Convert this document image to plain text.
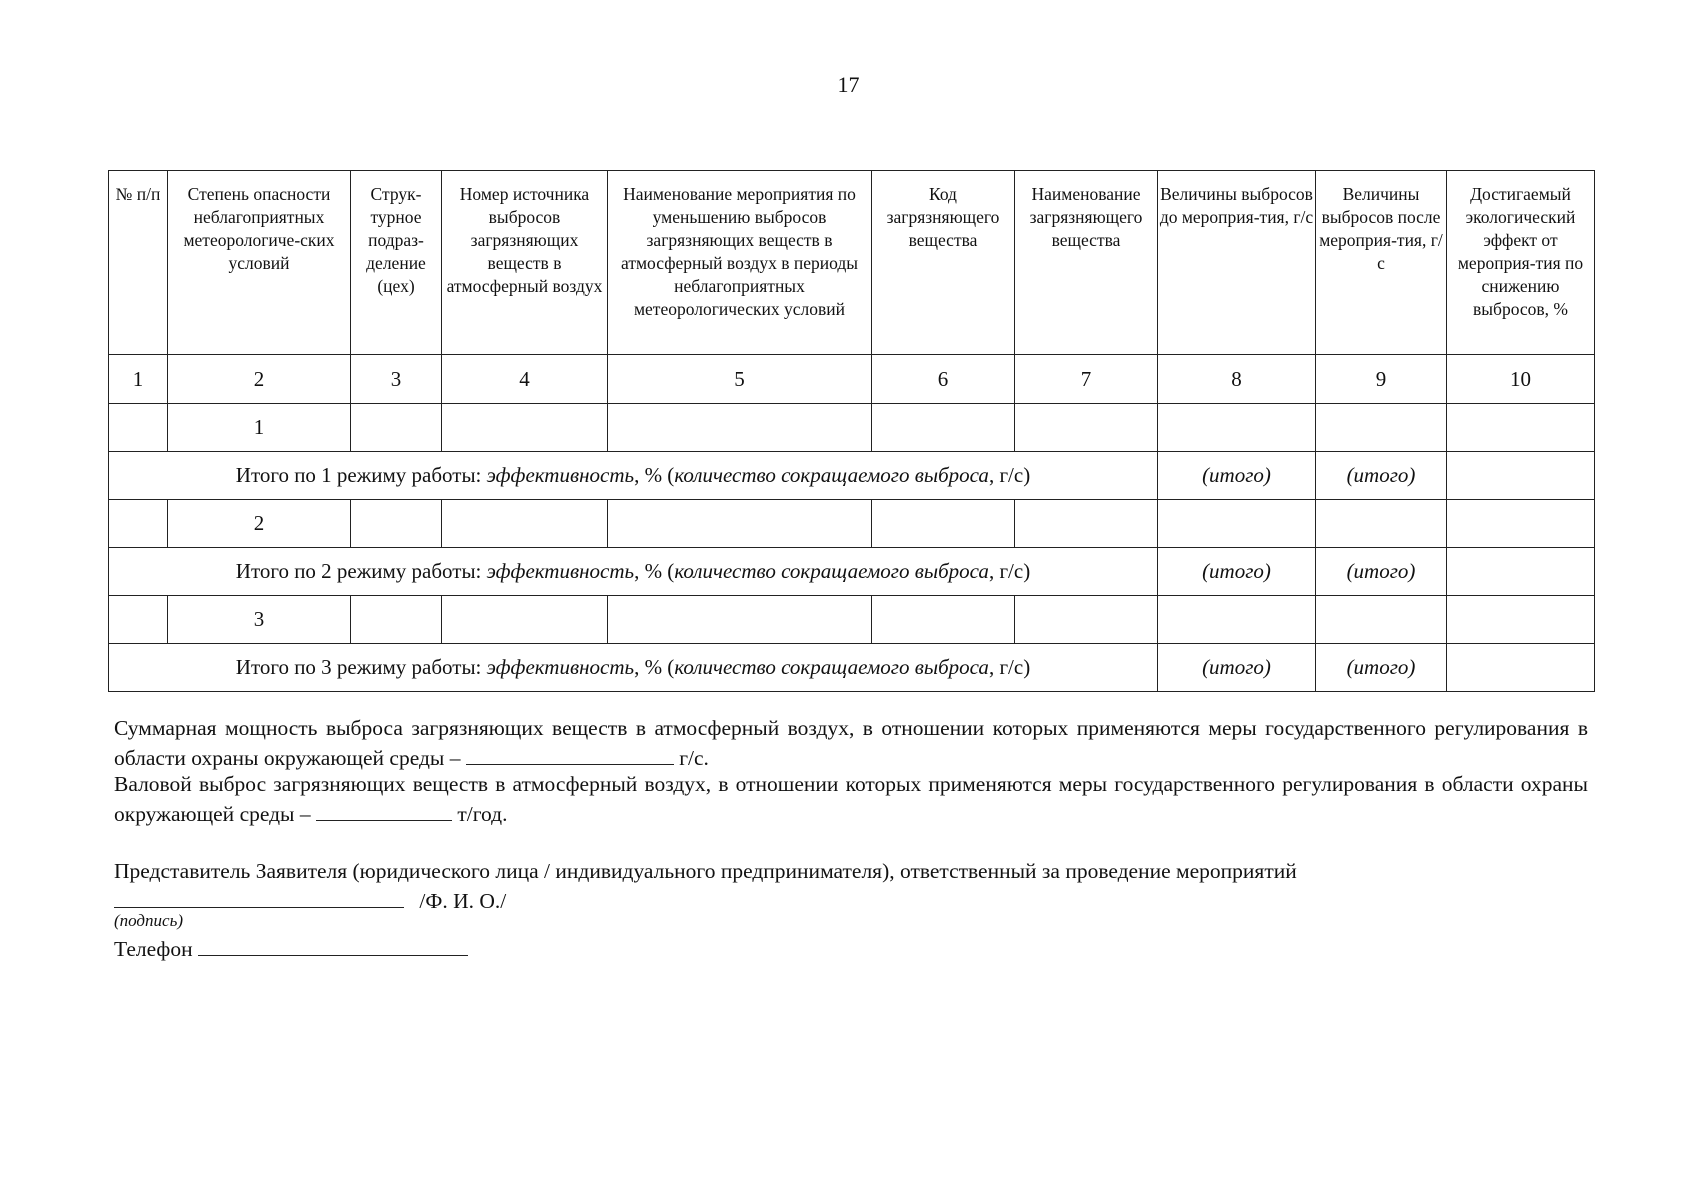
17
№ п/п	Степень опасности неблагоприятных метеорологиче-ских условий	Струк-турное подраз-деление (цех)	Номер источника выбросов загрязняющих веществ в атмосферный воздух	Наименование мероприятия по уменьшению выбросов загрязняющих веществ в атмосферный воздух в периоды неблагоприятных метеорологических условий	Код загрязняющего вещества	Наименование загрязняющего вещества	Величины выбросов до мероприя-тия, г/с	Величины выбросов после мероприя-тия, г/с	Достигаемый экологический эффект от мероприя-тия по снижению выбросов, %
1	2	3	4	5	6	7	8	9	10
	1								
Итого по 1 режиму работы: эффективность, % (количество сокращаемого выброса, г/с)							(итого)	(итого)	
	2								
Итого по 2 режиму работы: эффективность, % (количество сокращаемого выброса, г/с)							(итого)	(итого)	
	3								
Итого по 3 режиму работы: эффективность, % (количество сокращаемого выброса, г/с)							(итого)	(итого)	
Суммарная мощность выброса загрязняющих веществ в атмосферный воздух, в отношении которых применяются меры государственного регулирования в области охраны окружающей среды –	г/с.
Валовой выброс загрязняющих веществ в атмосферный воздух, в отношении которых применяются меры государственного регулирования в области охраны окружающей среды –	т/год.
Представитель Заявителя (юридического лица / индивидуального предпринимателя), ответственный за проведение мероприятий
/Ф. И. О./
(подпись)
Телефон
